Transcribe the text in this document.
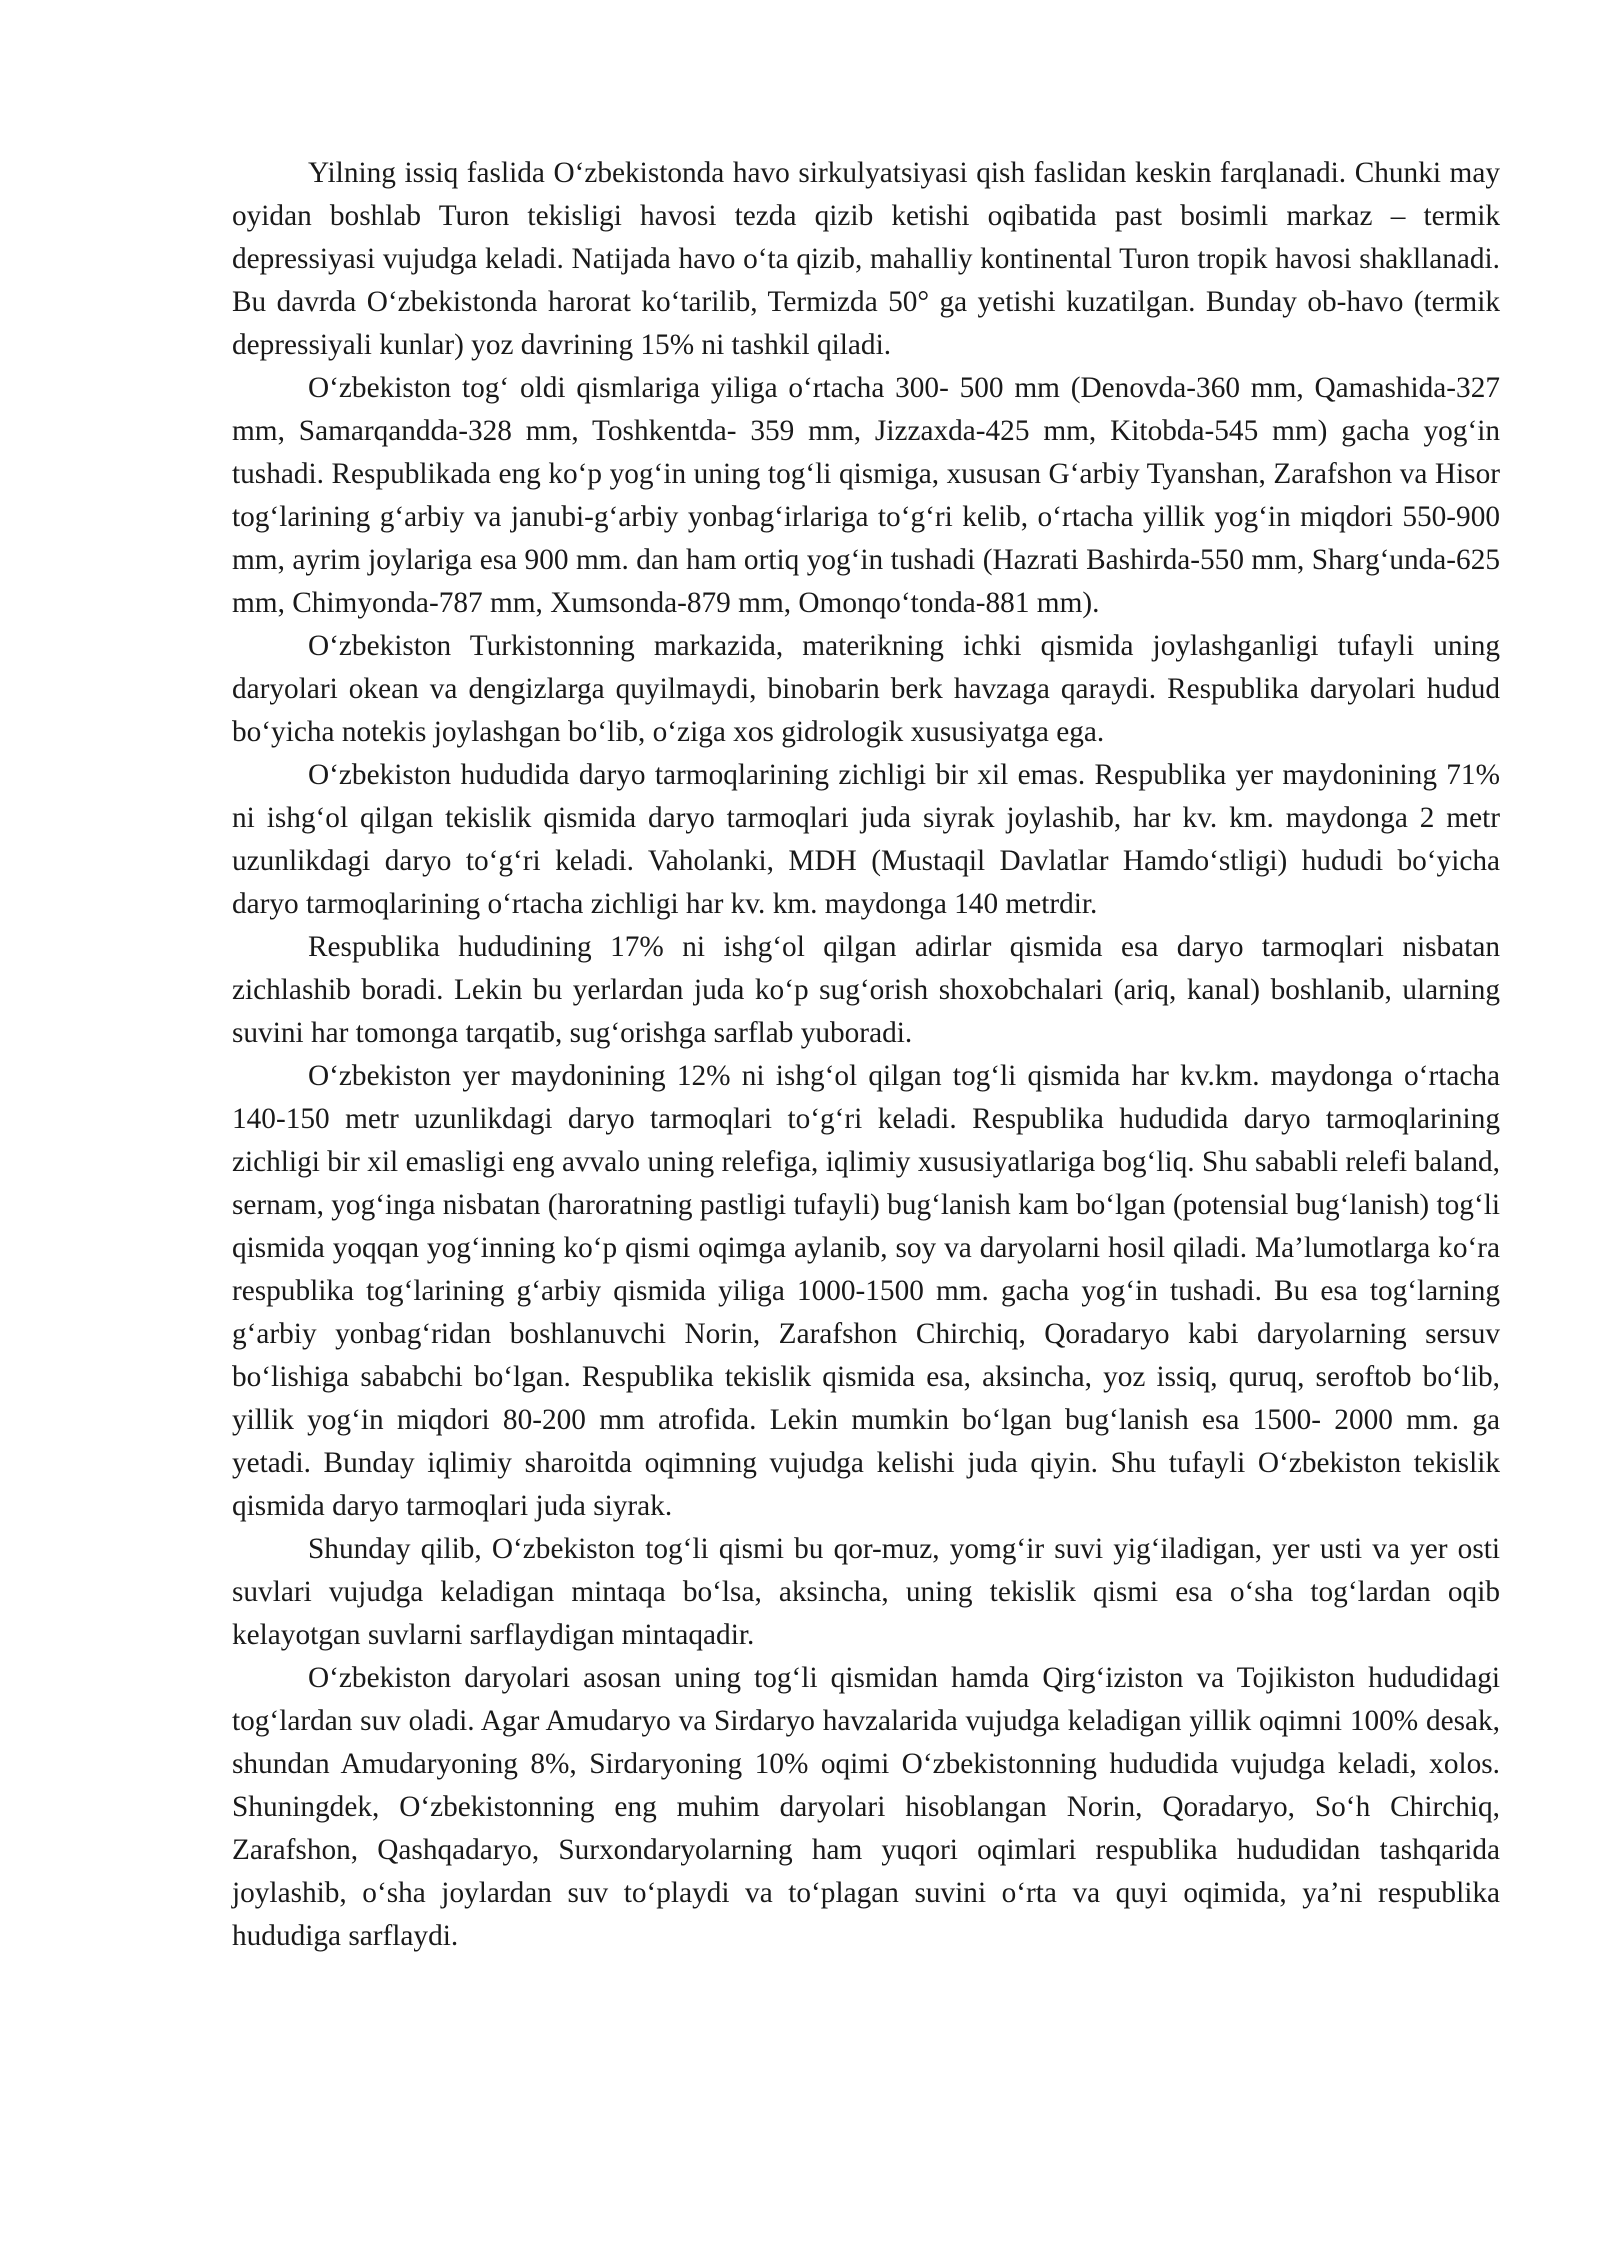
Yilning issiq faslida O‘zbekistonda havo sirkulyatsiyasi qish faslidan keskin farqlanadi. Chunki may oyidan boshlab Turon tekisligi havosi tezda qizib ketishi oqibatida past bosimli markaz – termik depressiyasi vujudga keladi. Natijada havo o‘ta qizib, mahalliy kontinental Turon tropik havosi shakllanadi. Bu davrda O‘zbekistonda harorat ko‘tarilib, Termizda 50° ga yetishi kuzatilgan. Bunday ob-havo (termik depressiyali kunlar) yoz davrining 15% ni tashkil qiladi.

O‘zbekiston tog‘ oldi qismlariga yiliga o‘rtacha 300- 500 mm (Denovda-360 mm, Qamashida-327 mm, Samarqandda-328 mm, Toshkentda- 359 mm, Jizzaxda-425 mm, Kitobda-545 mm) gacha yog‘in tushadi. Respublikada eng ko‘p yog‘in uning tog‘li qismiga, xususan G‘arbiy Tyanshan, Zarafshon va Hisor tog‘larining g‘arbiy va janubi-g‘arbiy yonbag‘irlariga to‘g‘ri kelib, o‘rtacha yillik yog‘in miqdori 550-900 mm, ayrim joylariga esa 900 mm. dan ham ortiq yog‘in tushadi (Hazrati Bashirda-550 mm, Sharg‘unda-625 mm, Chimyonda-787 mm, Xumsonda-879 mm, Omonqo‘tonda-881 mm).

O‘zbekiston Turkistonning markazida, materikning ichki qismida joylashganligi tufayli uning daryolari okean va dengizlarga quyilmaydi, binobarin berk havzaga qaraydi. Respublika daryolari hudud bo‘yicha notekis joylashgan bo‘lib, o‘ziga xos gidrologik xususiyatga ega.

O‘zbekiston hududida daryo tarmoqlarining zichligi bir xil emas. Respublika yer maydonining 71% ni ishg‘ol qilgan tekislik qismida daryo tarmoqlari juda siyrak joylashib, har kv. km. maydonga 2 metr uzunlikdagi daryo to‘g‘ri keladi. Vaholanki, MDH (Mustaqil Davlatlar Hamdo‘stligi) hududi bo‘yicha daryo tarmoqlarining o‘rtacha zichligi har kv. km. maydonga 140 metrdir.

Respublika hududining 17% ni ishg‘ol qilgan adirlar qismida esa daryo tarmoqlari nisbatan zichlashib boradi. Lekin bu yerlardan juda ko‘p sug‘orish shoxobchalari (ariq, kanal) boshlanib, ularning suvini har tomonga tarqatib, sug‘orishga sarflab yuboradi.

O‘zbekiston yer maydonining 12% ni ishg‘ol qilgan tog‘li qismida har kv.km. maydonga o‘rtacha 140-150 metr uzunlikdagi daryo tarmoqlari to‘g‘ri keladi. Respublika hududida daryo tarmoqlarining zichligi bir xil emasligi eng avvalo uning relefiga, iqlimiy xususiyatlariga bog‘liq. Shu sababli relefi baland, sernam, yog‘inga nisbatan (haroratning pastligi tufayli) bug‘lanish kam bo‘lgan (potensial bug‘lanish) tog‘li qismida yoqqan yog‘inning ko‘p qismi oqimga aylanib, soy va daryolarni hosil qiladi. Ma’lumotlarga ko‘ra respublika tog‘larining g‘arbiy qismida yiliga 1000-1500 mm. gacha yog‘in tushadi. Bu esa tog‘larning g‘arbiy yonbag‘ridan boshlanuvchi Norin, Zarafshon Chirchiq, Qoradaryo kabi daryolarning sersuv bo‘lishiga sababchi bo‘lgan. Respublika tekislik qismida esa, aksincha, yoz issiq, quruq, seroftob bo‘lib, yillik yog‘in miqdori 80-200 mm atrofida. Lekin mumkin bo‘lgan bug‘lanish esa 1500- 2000 mm. ga yetadi. Bunday iqlimiy sharoitda oqimning vujudga kelishi juda qiyin. Shu tufayli O‘zbekiston tekislik qismida daryo tarmoqlari juda siyrak.

Shunday qilib, O‘zbekiston tog‘li qismi bu qor-muz, yomg‘ir suvi yig‘iladigan, yer usti va yer osti suvlari vujudga keladigan mintaqa bo‘lsa, aksincha, uning tekislik qismi esa o‘sha tog‘lardan oqib kelayotgan suvlarni sarflaydigan mintaqadir.

O‘zbekiston daryolari asosan uning tog‘li qismidan hamda Qirg‘iziston va Tojikiston hududidagi tog‘lardan suv oladi. Agar Amudaryo va Sirdaryo havzalarida vujudga keladigan yillik oqimni 100% desak, shundan Amudaryoning 8%, Sirdaryoning 10% oqimi O‘zbekistonning hududida vujudga keladi, xolos. Shuningdek, O‘zbekistonning eng muhim daryolari hisoblangan Norin, Qoradaryo, So‘h Chirchiq, Zarafshon, Qashqadaryo, Surxondaryolarning ham yuqori oqimlari respublika hududidan tashqarida joylashib, o‘sha joylardan suv to‘playdi va to‘plagan suvini o‘rta va quyi oqimida, ya’ni respublika hududiga sarflaydi.
